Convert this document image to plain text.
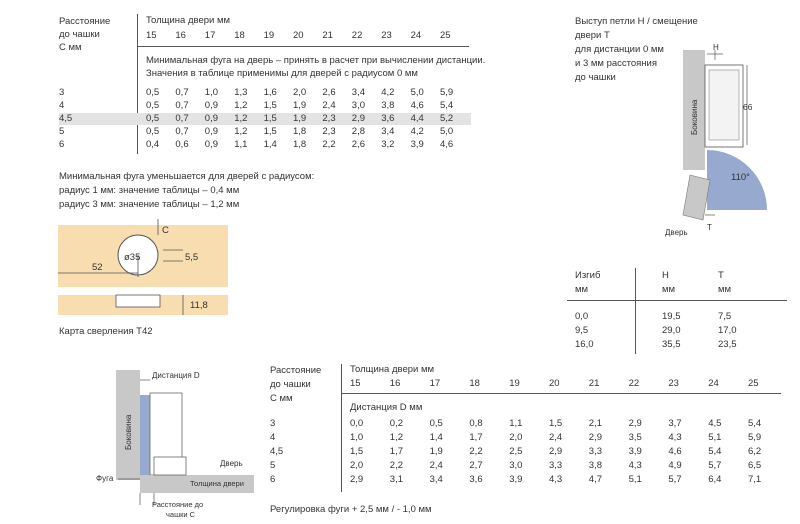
Расстояние
до чашки
С мм
Толщина двери мм
15 16 17 18 19 20 21 22 23 24 25
Минимальная фуга на дверь – принять в расчет при вычислении дистанции.
Значения в таблице применимы для дверей с радиусом 0 мм
3	0,5 0,7 1,0 1,3 1,6 2,0 2,6 3,4 4,2 5,0 5,9
4	0,5 0,7 0,9 1,2 1,5 1,9 2,4 3,0 3,8 4,6 5,4
4,5	0,5 0,7 0,9 1,2 1,5 1,9 2,3 2,9 3,6 4,4 5,2
5	0,5 0,7 0,9 1,2 1,5 1,8 2,3 2,8 3,4 4,2 5,0
6	0,4 0,6 0,9 1,1 1,4 1,8 2,2 2,6 3,2 3,9 4,6
Минимальная фуга уменьшается для дверей с радиусом:
радиус 1 мм: значение таблицы – 0,4 мм
радиус 3 мм: значение таблицы – 1,2 мм
52
ø35
C
5,5
11,8
Карта сверления Т42
Выступ петли Н / смещение
двери Т
для дистанции 0 мм
и 3 мм расстояния
до чашки
Боковина
110°
Дверь
H
66
T
Изгиб	H	T
мм	мм	мм
0,0	19,5	7,5
9,5	29,0	17,0
16,0	35,5	23,5
Боковина
Дистанция D
Дверь
Толщина двери
Фуга
Расстояние до
чашки С
Расстояние
до чашки
С мм
Толщина двери мм
15	16	17	18	19	20	21	22	23	24	25
Дистанция D мм
3	0,0	0,2	0,5	0,8	1,1	1,5	2,1	2,9	3,7	4,5	5,4
4	1,0	1,2	1,4	1,7	2,0	2,4	2,9	3,5	4,3	5,1	5,9
4,5	1,5	1,7	1,9	2,2	2,5	2,9	3,3	3,9	4,6	5,4	6,2
5	2,0	2,2	2,4	2,7	3,0	3,3	3,8	4,3	4,9	5,7	6,5
6	2,9	3,1	3,4	3,6	3,9	4,3	4,7	5,1	5,7	6,4	7,1
Регулировка фуги + 2,5 мм / - 1,0 мм
